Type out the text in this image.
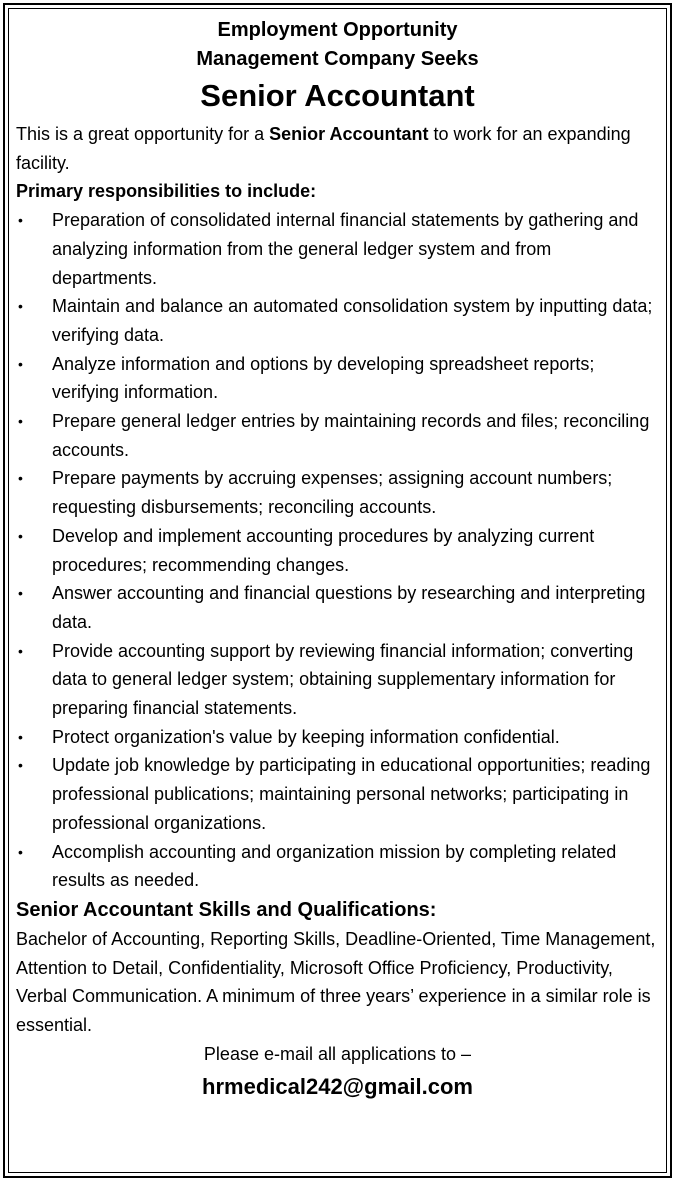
Employment Opportunity
Management Company Seeks
Senior Accountant
This is a great opportunity for a Senior Accountant to work for an expanding facility.
Primary responsibilities to include:
• Preparation of consolidated internal financial statements by gathering and analyzing information from the general ledger system and from departments.
• Maintain and balance an automated consolidation system by inputting data; verifying data.
• Analyze information and options by developing spreadsheet reports; verifying information.
• Prepare general ledger entries by maintaining records and files; reconciling accounts.
• Prepare payments by accruing expenses; assigning account numbers; requesting disbursements; reconciling accounts.
• Develop and implement accounting procedures by analyzing current procedures; recommending changes.
• Answer accounting and financial questions by researching and interpreting data.
• Provide accounting support by reviewing financial information; converting data to general ledger system; obtaining supplementary information for preparing financial statements.
• Protect organization's value by keeping information confidential.
• Update job knowledge by participating in educational opportunities; reading professional publications; maintaining personal networks; participating in professional organizations.
• Accomplish accounting and organization mission by completing related results as needed.
Senior Accountant Skills and Qualifications:
Bachelor of Accounting, Reporting Skills, Deadline-Oriented, Time Management, Attention to Detail, Confidentiality, Microsoft Office Proficiency, Productivity, Verbal Communication. A minimum of three years’ experience in a similar role is essential.
Please e-mail all applications to –
hrmedical242@gmail.com
